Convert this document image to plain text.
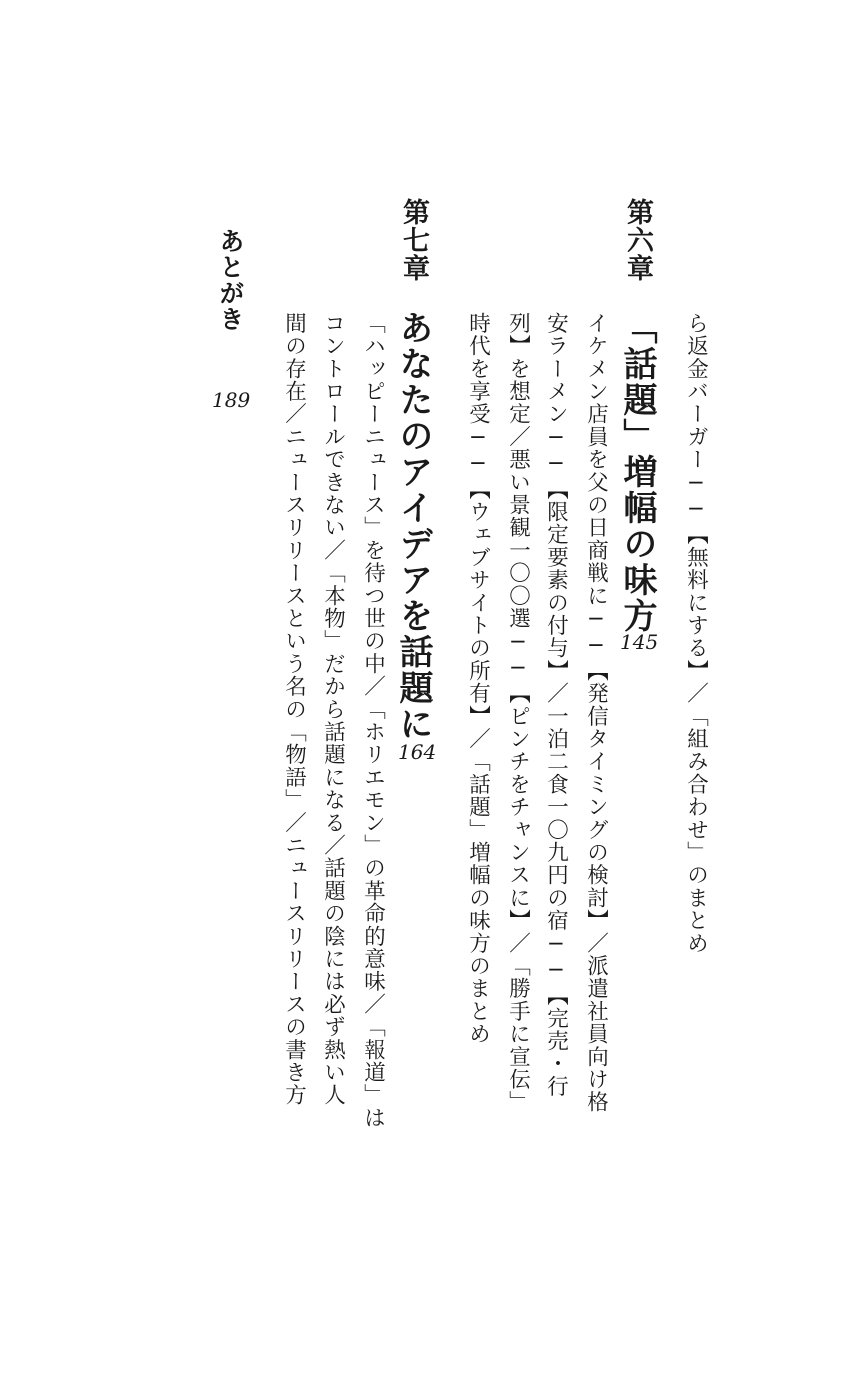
ら返金バーガー──【無料にする】／「組み合わせ」のまとめ
第六章
「話題」増幅の味方
145
イケメン店員を父の日商戦に──【発信タイミングの検討】／派遣社員向け格
安ラーメン──【限定要素の付与】／一泊二食一〇九円の宿──【完売・行
列】を想定／悪い景観一〇〇選──【ピンチをチャンスに】／「勝手に宣伝」
時代を享受──【ウェブサイトの所有】／「話題」増幅の味方のまとめ
第七章
あなたのアイデアを話題に
164
「ハッピーニュース」を待つ世の中／「ホリエモン」の革命的意味／「報道」は
コントロールできない／「本物」だから話題になる／話題の陰には必ず熱い人
間の存在／ニュースリリースという名の「物語」／ニュースリリースの書き方
あとがき
189
